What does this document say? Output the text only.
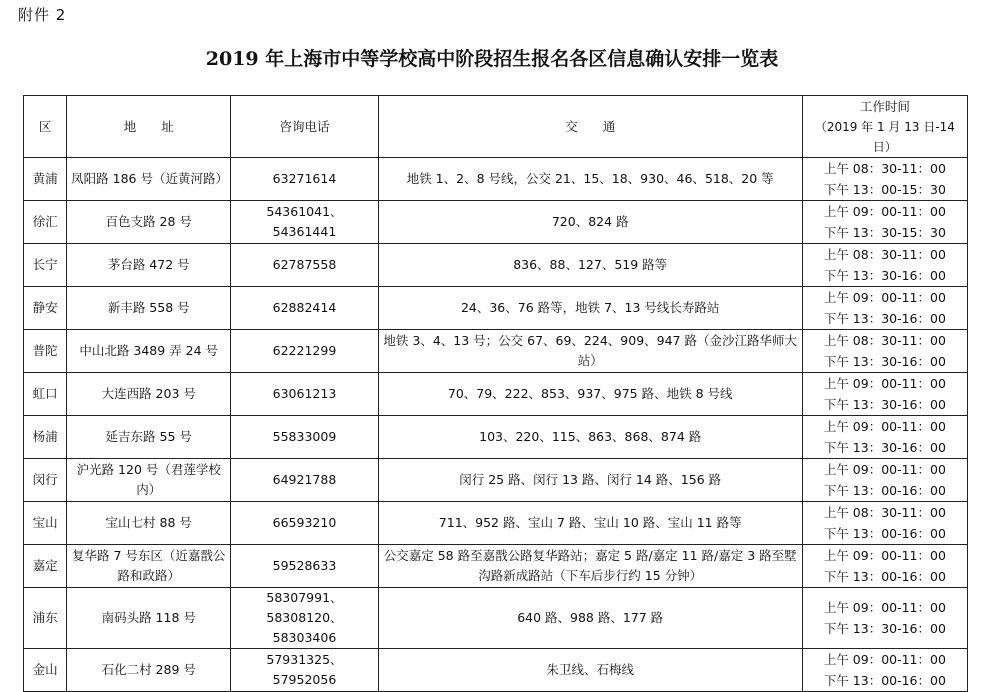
附件 2
2019 年上海市中等学校高中阶段招生报名各区信息确认安排一览表
区	地　　址	咨询电话	交　　通	工作时间
（2019 年 1 月 13 日-14 日）

黄浦	凤阳路 186 号（近黄河路）	63271614	地铁 1、2、8 号线，公交 21、15、18、930、46、518、20 等	上午 08：30-11：00
下午 13：00-15：30

徐汇	百色支路 28 号	54361041、54361441	720、824 路	上午 09：00-11：00
下午 13：30-15：30

长宁	茅台路 472 号	62787558	836、88、127、519 路等	上午 08：30-11：00
下午 13：30-16：00

静安	新丰路 558 号	62882414	24、36、76 路等，地铁 7、13 号线长寿路站	上午 09：00-11：00
下午 13：30-16：00

普陀	中山北路 3489 弄 24 号	62221299	地铁 3、4、13 号；公交 67、69、224、909、947 路（金沙江路华师大站）	上午 08：30-11：00
下午 13：30-16：00

虹口	大连西路 203 号	63061213	70、79、222、853、937、975 路、地铁 8 号线	上午 09：00-11：00
下午 13：30-16：00

杨浦	延吉东路 55 号	55833009	103、220、115、863、868、874 路	上午 09：00-11：00
下午 13：30-16：00

闵行	沪光路 120 号（君莲学校内）	64921788	闵行 25 路、闵行 13 路、闵行 14 路、156 路	上午 09：00-11：00
下午 13：00-16：00

宝山	宝山七村 88 号	66593210	711、952 路、宝山 7 路、宝山 10 路、宝山 11 路等	上午 08：30-11：00
下午 13：00-16：00

嘉定	复华路 7 号东区（近嘉戬公路和政路）	59528633	公交嘉定 58 路至嘉戬公路复华路站；嘉定 5 路/嘉定 11 路/嘉定 3 路至墅沟路新成路站（下车后步行约 15 分钟）	上午 09：00-11：00
下午 13：00-16：00

浦东	南码头路 118 号	58307991、58308120、58303406	640 路、988 路、177 路	上午 09：00-11：00
下午 13：30-16：00

金山	石化二村 289 号	57931325、57952056	朱卫线、石梅线	上午 09：00-11：00
下午 13：00-16：00
